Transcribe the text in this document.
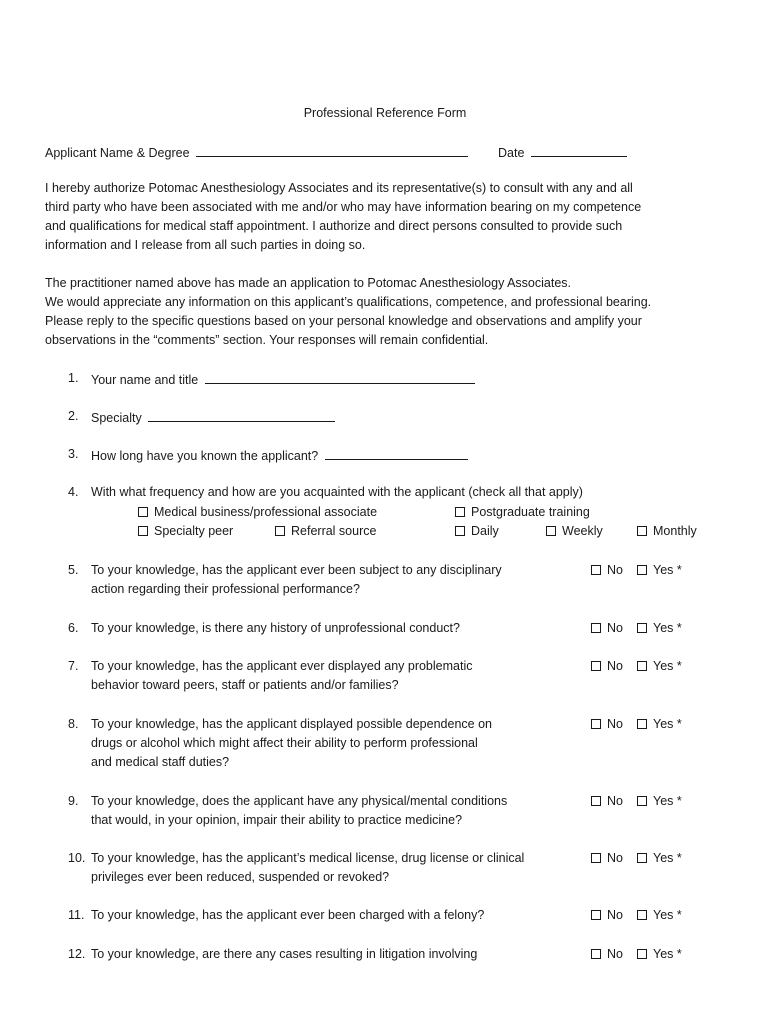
Professional Reference Form
Applicant Name & Degree	Date
I hereby authorize Potomac Anesthesiology Associates and its representative(s) to consult with any and all
third party who have been associated with me and/or who may have information bearing on my competence
and qualifications for medical staff appointment. I authorize and direct persons consulted to provide such
information and I release from all such parties in doing so.
The practitioner named above has made an application to Potomac Anesthesiology Associates.
We would appreciate any information on this applicant’s qualifications, competence, and professional bearing.
Please reply to the specific questions based on your personal knowledge and observations and amplify your
observations in the “comments” section. Your responses will remain confidential.
1. Your name and title
2. Specialty
3. How long have you known the applicant?
4. With what frequency and how are you acquainted with the applicant (check all that apply)
Medical business/professional associate	Postgraduate training
Specialty peer	Referral source	Daily	Weekly	Monthly
5. To your knowledge, has the applicant ever been subject to any disciplinary
action regarding their professional performance?
No	Yes *
6. To your knowledge, is there any history of unprofessional conduct?	No	Yes *
7. To your knowledge, has the applicant ever displayed any problematic
behavior toward peers, staff or patients and/or families?
No	Yes *
8. To your knowledge, has the applicant displayed possible dependence on
drugs or alcohol which might affect their ability to perform professional
and medical staff duties?
No	Yes *
9. To your knowledge, does the applicant have any physical/mental conditions
that would, in your opinion, impair their ability to practice medicine?
No	Yes *
10. To your knowledge, has the applicant’s medical license, drug license or clinical
privileges ever been reduced, suspended or revoked?
No	Yes *
11. To your knowledge, has the applicant ever been charged with a felony?	No	Yes *
12. To your knowledge, are there any cases resulting in litigation involving	No	Yes *
